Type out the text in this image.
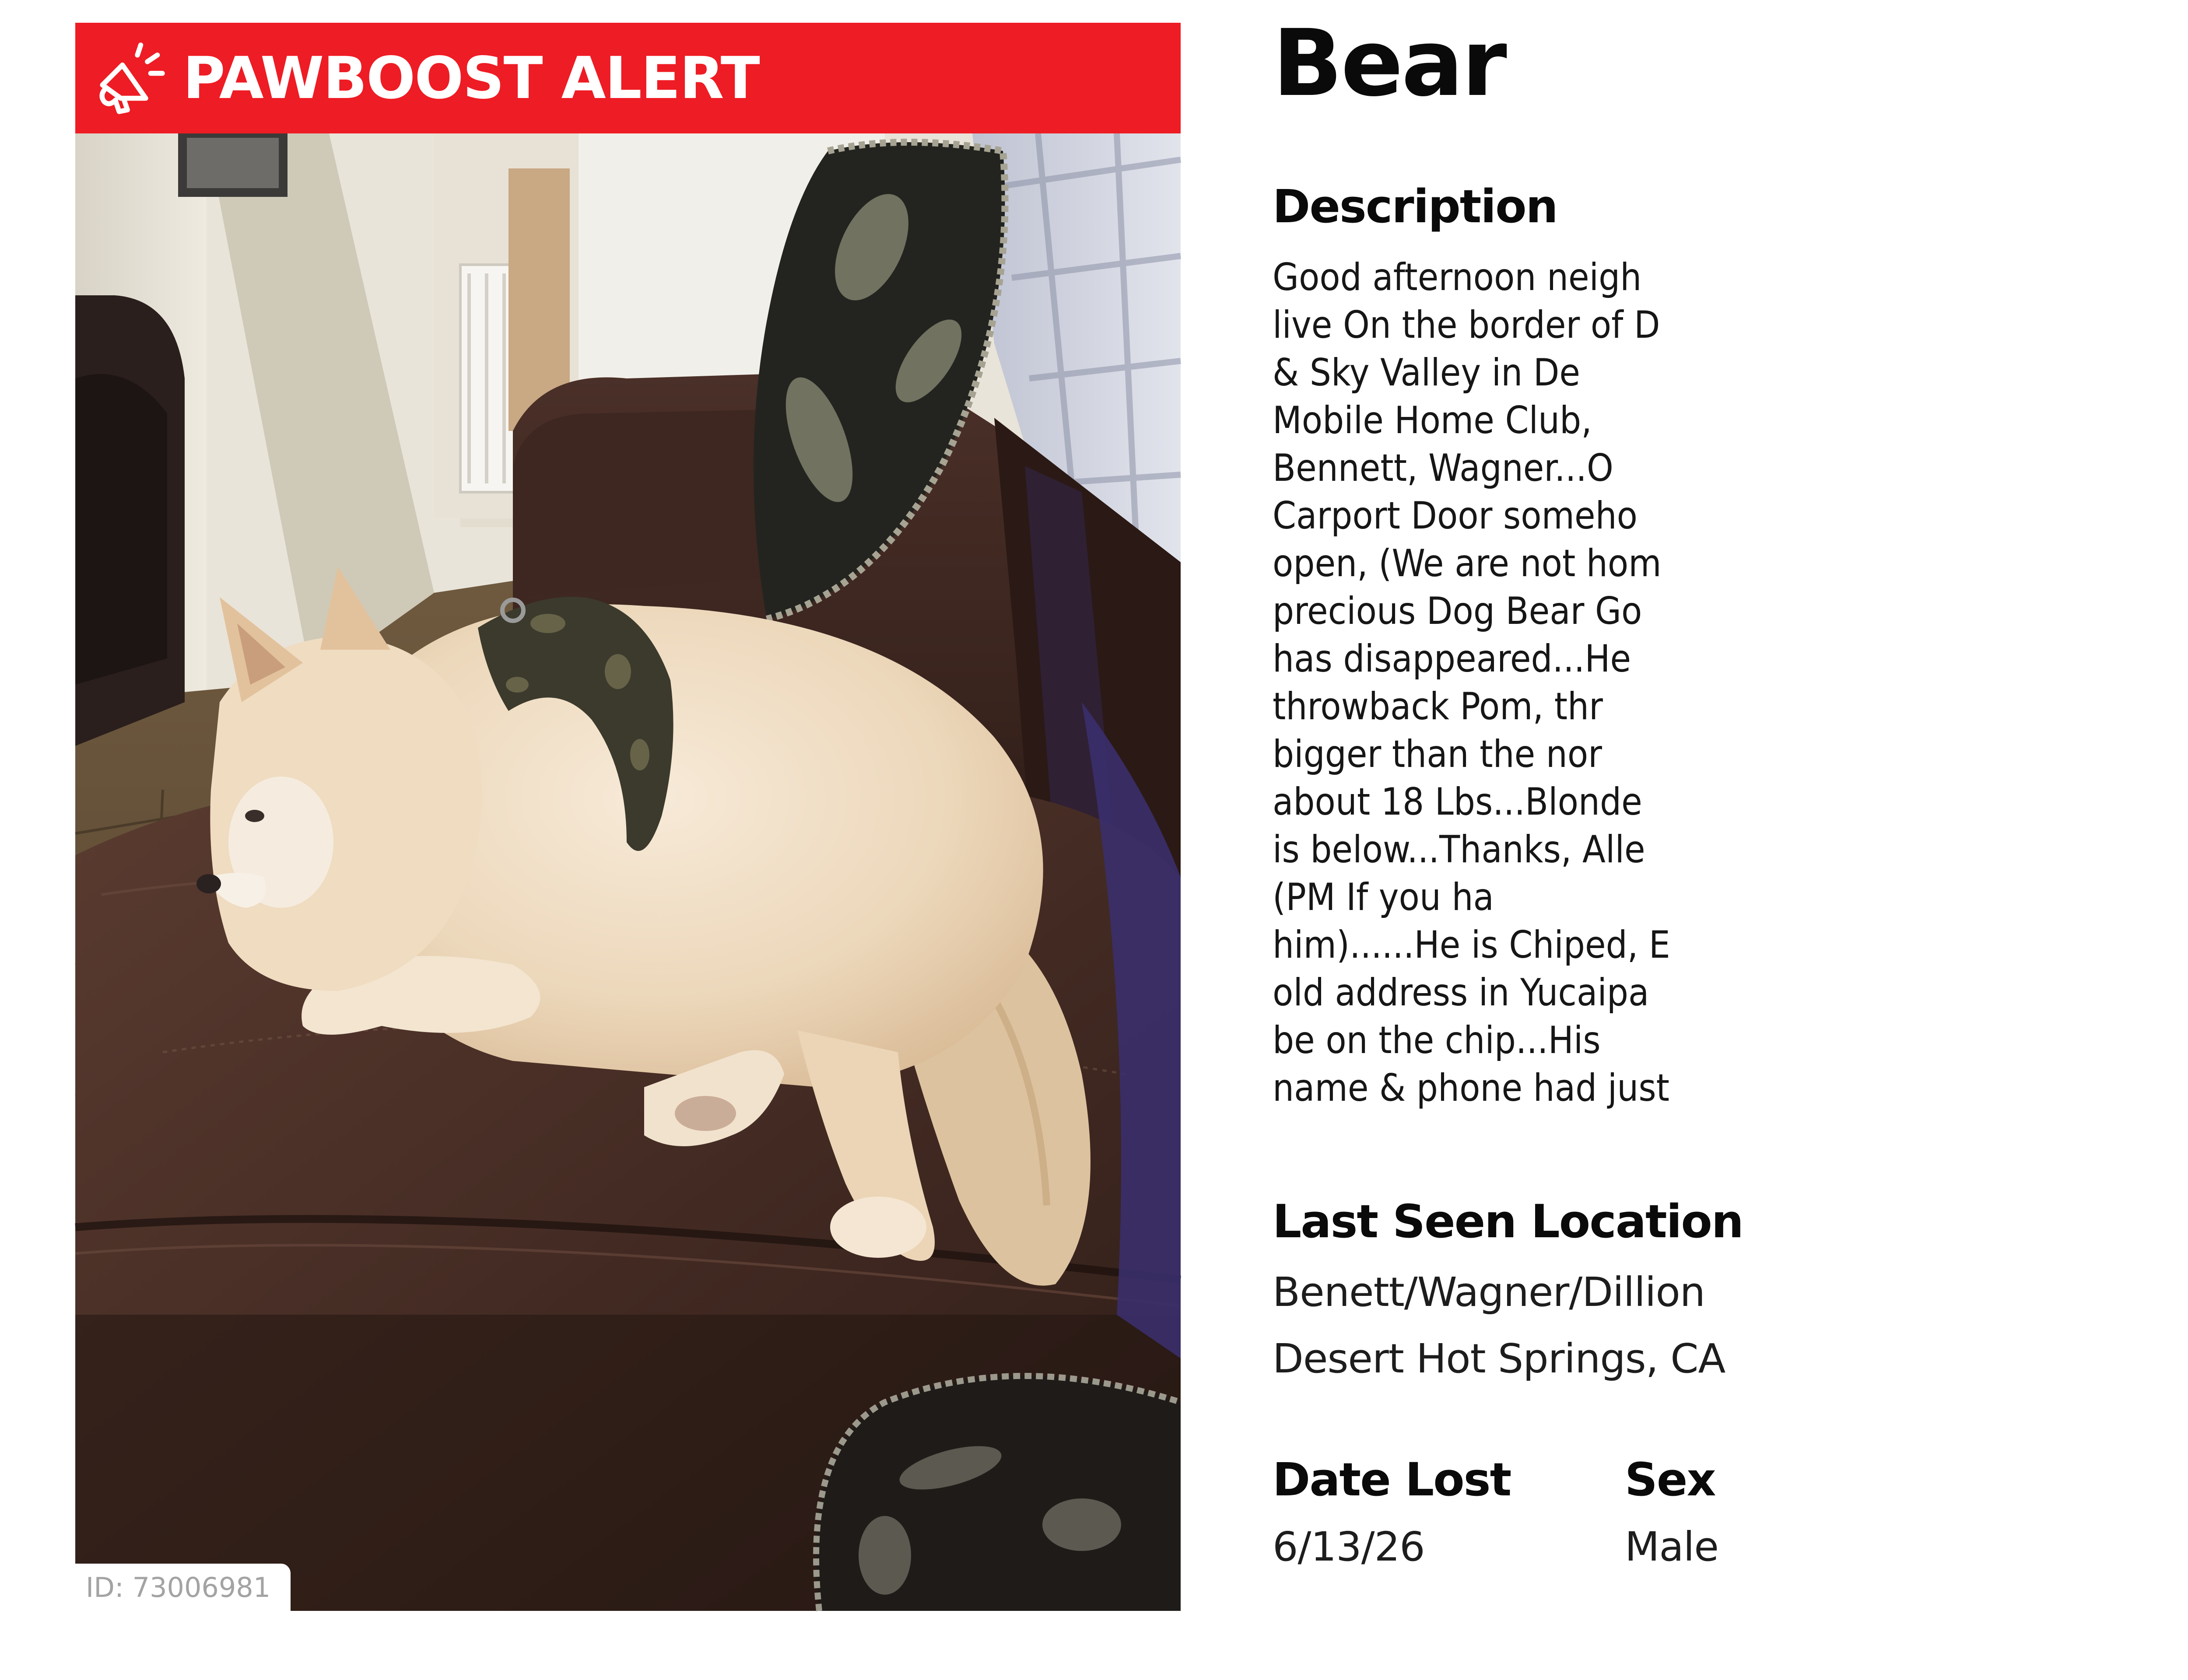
PAWBOOST ALERT
ID: 73006981
Bear
Description
Good afternoon neigh
live On the border of D
& Sky Valley in De
Mobile Home Club,
Bennett, Wagner...O
Carport Door someho
open, (We are not hom
precious Dog Bear Go
has disappeared...He
throwback Pom, thr
bigger than the nor
about 18 Lbs...Blonde
is below...Thanks, Alle
(PM If you ha
him)......He is Chiped, E
old address in Yucaipa
be on the chip...His
name & phone had just
Last Seen Location
Benett/Wagner/Dillion
Desert Hot Springs, CA
Date Lost
6/13/26
Sex
Male
